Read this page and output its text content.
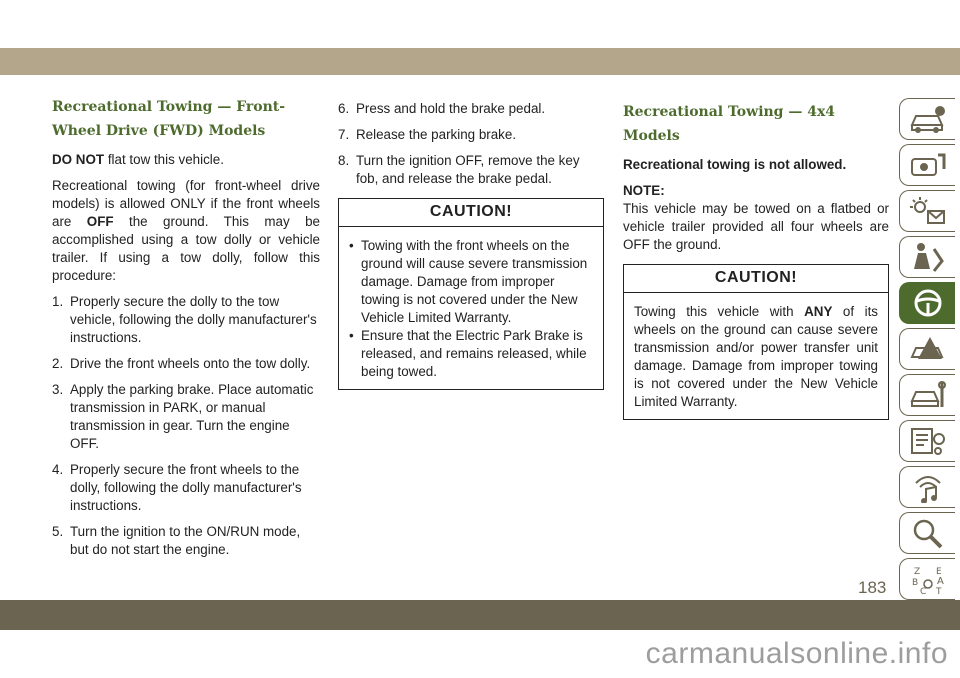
Recreational Towing — Front-Wheel Drive (FWD) Models

DO NOT flat tow this vehicle.

Recreational towing (for front-wheel drive models) is allowed ONLY if the front wheels are OFF the ground. This may be accomplished using a tow dolly or vehicle trailer. If using a tow dolly, follow this procedure:

1. Properly secure the dolly to the tow vehicle, following the dolly manufacturer's instructions.
2. Drive the front wheels onto the tow dolly.
3. Apply the parking brake. Place automatic transmission in PARK, or manual transmission in gear. Turn the engine OFF.
4. Properly secure the front wheels to the dolly, following the dolly manufacturer's instructions.
5. Turn the ignition to the ON/RUN mode, but do not start the engine.
6. Press and hold the brake pedal.
7. Release the parking brake.
8. Turn the ignition OFF, remove the key fob, and release the brake pedal.
CAUTION!
• Towing with the front wheels on the ground will cause severe transmission damage. Damage from improper towing is not covered under the New Vehicle Limited Warranty.
• Ensure that the Electric Park Brake is released, and remains released, while being towed.
Recreational Towing — 4x4 Models

Recreational towing is not allowed.

NOTE:
This vehicle may be towed on a flatbed or vehicle trailer provided all four wheels are OFF the ground.
CAUTION!

Towing this vehicle with ANY of its wheels on the ground can cause severe transmission and/or power transfer unit damage. Damage from improper towing is not covered under the New Vehicle Limited Warranty.

Z E
B A
C T
183
carmanualsonline.info
